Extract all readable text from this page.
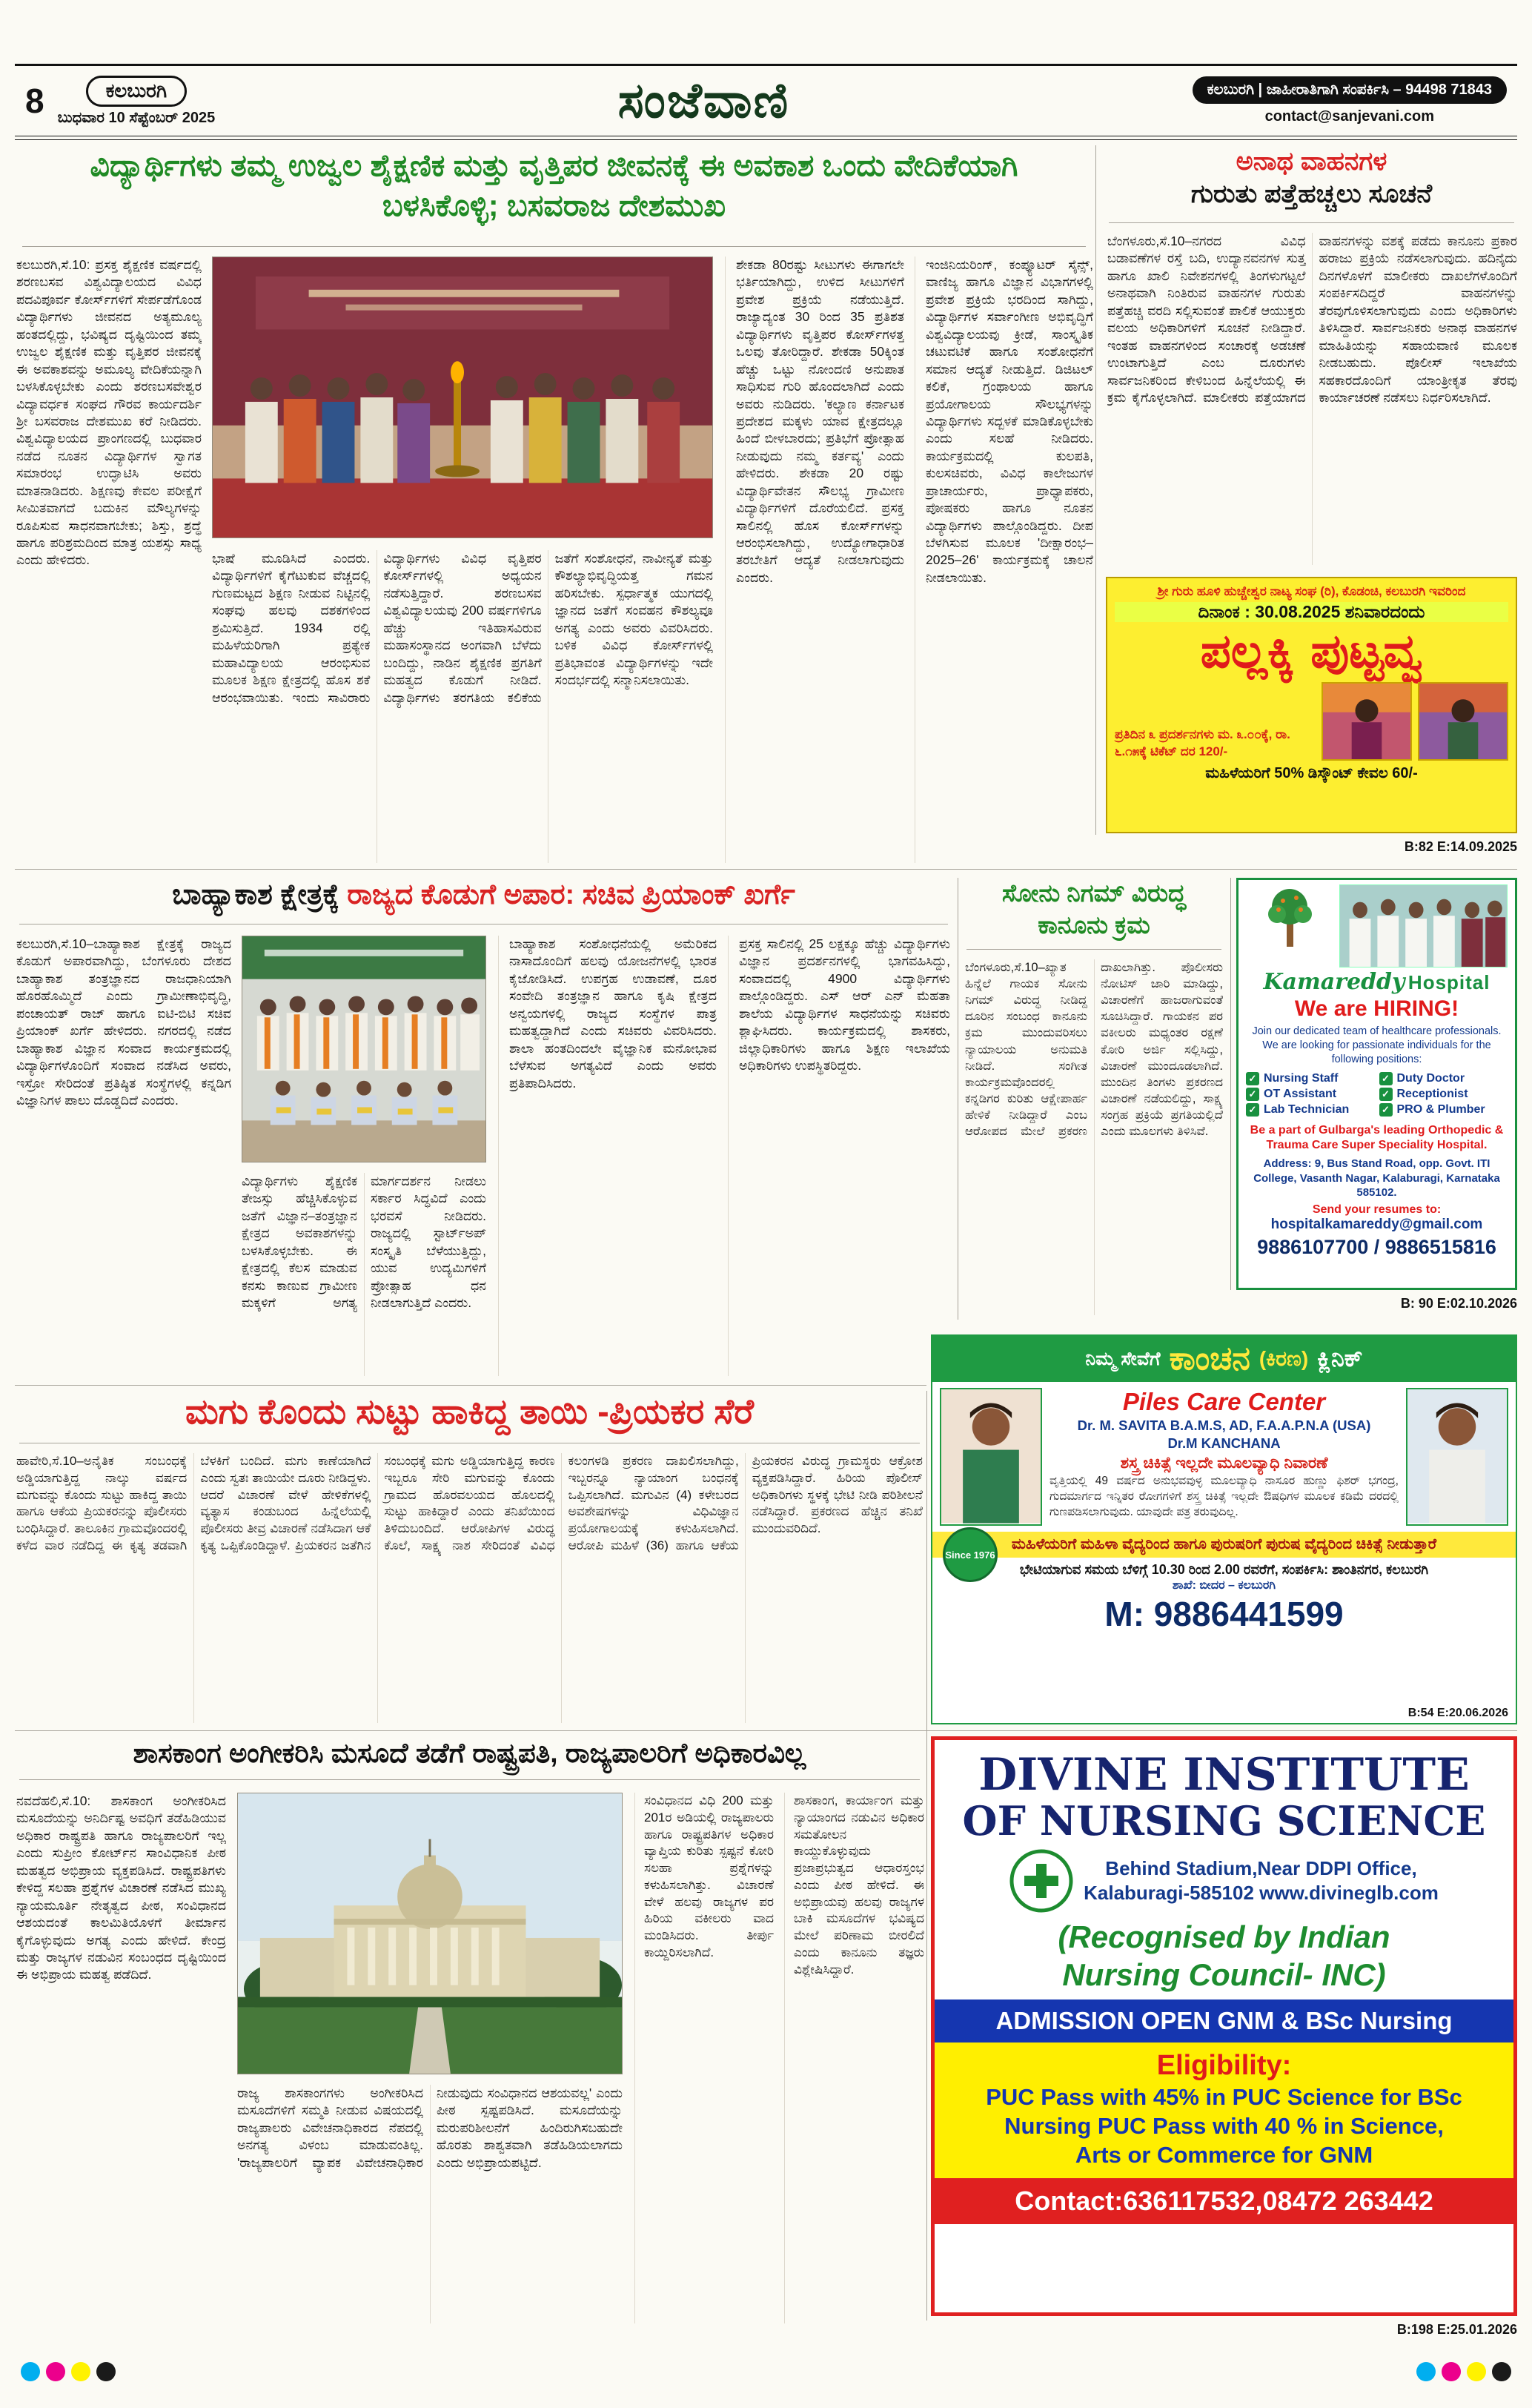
8	ಕಲಬುರಗಿ
ಬುಧವಾರ 10 ಸೆಪ್ಟೆಂಬರ್ 2025	ಸಂಜೆವಾಣಿ	ಕಲಬುರಗಿ | ಜಾಹೀರಾತಿಗಾಗಿ ಸಂಪರ್ಕಿಸಿ – 94498 71843
contact@sanjevani.com
ವಿದ್ಯಾರ್ಥಿಗಳು ತಮ್ಮ ಉಜ್ವಲ ಶೈಕ್ಷಣಿಕ ಮತ್ತು ವೃತ್ತಿಪರ ಜೀವನಕ್ಕೆ ಈ ಅವಕಾಶ ಒಂದು ವೇದಿಕೆಯಾಗಿ ಬಳಸಿಕೊಳ್ಳಿ; ಬಸವರಾಜ ದೇಶಮುಖ
ಕಲಬುರಗಿ,ಸೆ.10: ಪ್ರಸಕ್ತ ಶೈಕ್ಷಣಿಕ ವರ್ಷದಲ್ಲಿ ಶರಣಬಸವ ವಿಶ್ವವಿದ್ಯಾಲಯದ ವಿವಿಧ ಪದವಿಪೂರ್ವ ಕೋರ್ಸ್‌ಗಳಿಗೆ ಸೇರ್ಪಡೆಗೊಂಡ ವಿದ್ಯಾರ್ಥಿಗಳು ಜೀವನದ ಅತ್ಯಮೂಲ್ಯ ಹಂತದಲ್ಲಿದ್ದು, ಭವಿಷ್ಯದ ದೃಷ್ಟಿಯಿಂದ ತಮ್ಮ ಉಜ್ವಲ ಶೈಕ್ಷಣಿಕ ಮತ್ತು ವೃತ್ತಿಪರ ಜೀವನಕ್ಕೆ ಈ ಅವಕಾಶವನ್ನು ಅಮೂಲ್ಯ ವೇದಿಕೆಯನ್ನಾಗಿ ಬಳಸಿಕೊಳ್ಳಬೇಕು ಎಂದು ಶರಣಬಸವೇಶ್ವರ ವಿದ್ಯಾವರ್ಧಕ ಸಂಘದ ಗೌರವ ಕಾರ್ಯದರ್ಶಿ ಶ್ರೀ ಬಸವರಾಜ ದೇಶಮುಖ ಕರೆ ನೀಡಿದರು. ವಿಶ್ವವಿದ್ಯಾಲಯದ ಪ್ರಾಂಗಣದಲ್ಲಿ ಬುಧವಾರ ನಡೆದ ನೂತನ ವಿದ್ಯಾರ್ಥಿಗಳ ಸ್ವಾಗತ ಸಮಾರಂಭ ಉದ್ಘಾಟಿಸಿ ಅವರು ಮಾತನಾಡಿದರು. ಶಿಕ್ಷಣವು ಕೇವಲ ಪರೀಕ್ಷೆಗೆ ಸೀಮಿತವಾಗದೆ ಬದುಕಿನ ಮೌಲ್ಯಗಳನ್ನು ರೂಪಿಸುವ ಸಾಧನವಾಗಬೇಕು; ಶಿಸ್ತು, ಶ್ರದ್ಧೆ ಹಾಗೂ ಪರಿಶ್ರಮದಿಂದ ಮಾತ್ರ ಯಶಸ್ಸು ಸಾಧ್ಯ ಎಂದು ಹೇಳಿದರು.	ಭಾಷೆ ಮೂಡಿಸಿದೆ ಎಂದರು. ವಿದ್ಯಾರ್ಥಿಗಳಿಗೆ ಕೈಗೆಟುಕುವ ವೆಚ್ಚದಲ್ಲಿ ಗುಣಮಟ್ಟದ ಶಿಕ್ಷಣ ನೀಡುವ ನಿಟ್ಟಿನಲ್ಲಿ ಸಂಘವು ಹಲವು ದಶಕಗಳಿಂದ ಶ್ರಮಿಸುತ್ತಿದೆ. 1934 ರಲ್ಲಿ ಮಹಿಳೆಯರಿಗಾಗಿ ಪ್ರತ್ಯೇಕ ಮಹಾವಿದ್ಯಾಲಯ ಆರಂಭಿಸುವ ಮೂಲಕ ಶಿಕ್ಷಣ ಕ್ಷೇತ್ರದಲ್ಲಿ ಹೊಸ ಶಕೆ ಆರಂಭವಾಯಿತು. ಇಂದು ಸಾವಿರಾರು ವಿದ್ಯಾರ್ಥಿಗಳು ವಿವಿಧ ವೃತ್ತಿಪರ ಕೋರ್ಸ್‌ಗಳಲ್ಲಿ ಅಧ್ಯಯನ ನಡೆಸುತ್ತಿದ್ದಾರೆ. ಶರಣಬಸವ ವಿಶ್ವವಿದ್ಯಾಲಯವು 200 ವರ್ಷಗಳಿಗೂ ಹೆಚ್ಚು ಇತಿಹಾಸವಿರುವ ಮಹಾಸಂಸ್ಥಾನದ ಅಂಗವಾಗಿ ಬೆಳೆದು ಬಂದಿದ್ದು, ನಾಡಿನ ಶೈಕ್ಷಣಿಕ ಪ್ರಗತಿಗೆ ಮಹತ್ವದ ಕೊಡುಗೆ ನೀಡಿದೆ. ವಿದ್ಯಾರ್ಥಿಗಳು ತರಗತಿಯ ಕಲಿಕೆಯ ಜತೆಗೆ ಸಂಶೋಧನೆ, ನಾವೀನ್ಯತೆ ಮತ್ತು ಕೌಶಲ್ಯಾಭಿವೃದ್ಧಿಯತ್ತ ಗಮನ ಹರಿಸಬೇಕು. ಸ್ಪರ್ಧಾತ್ಮಕ ಯುಗದಲ್ಲಿ ಜ್ಞಾನದ ಜತೆಗೆ ಸಂವಹನ ಕೌಶಲ್ಯವೂ ಅಗತ್ಯ ಎಂದು ಅವರು ವಿವರಿಸಿದರು. ಬಳಿಕ ವಿವಿಧ ಕೋರ್ಸ್‌ಗಳಲ್ಲಿ ಪ್ರತಿಭಾವಂತ ವಿದ್ಯಾರ್ಥಿಗಳನ್ನು ಇದೇ ಸಂದರ್ಭದಲ್ಲಿ ಸನ್ಮಾನಿಸಲಾಯಿತು.
ಶೇಕಡಾ 80ರಷ್ಟು ಸೀಟುಗಳು ಈಗಾಗಲೇ ಭರ್ತಿಯಾಗಿದ್ದು, ಉಳಿದ ಸೀಟುಗಳಿಗೆ ಪ್ರವೇಶ ಪ್ರಕ್ರಿಯೆ ನಡೆಯುತ್ತಿದೆ. ರಾಜ್ಯಾದ್ಯಂತ 30 ರಿಂದ 35 ಪ್ರತಿಶತ ವಿದ್ಯಾರ್ಥಿಗಳು ವೃತ್ತಿಪರ ಕೋರ್ಸ್‌ಗಳತ್ತ ಒಲವು ತೋರಿದ್ದಾರೆ. ಶೇಕಡಾ 50ಕ್ಕಿಂತ ಹೆಚ್ಚು ಒಟ್ಟು ನೋಂದಣಿ ಅನುಪಾತ ಸಾಧಿಸುವ ಗುರಿ ಹೊಂದಲಾಗಿದೆ ಎಂದು ಅವರು ನುಡಿದರು. 'ಕಲ್ಯಾಣ ಕರ್ನಾಟಕ ಪ್ರದೇಶದ ಮಕ್ಕಳು ಯಾವ ಕ್ಷೇತ್ರದಲ್ಲೂ ಹಿಂದೆ ಬೀಳಬಾರದು; ಪ್ರತಿಭೆಗೆ ಪ್ರೋತ್ಸಾಹ ನೀಡುವುದು ನಮ್ಮ ಕರ್ತವ್ಯ' ಎಂದು ಹೇಳಿದರು. ಶೇಕಡಾ 20 ರಷ್ಟು ವಿದ್ಯಾರ್ಥಿವೇತನ ಸೌಲಭ್ಯ ಗ್ರಾಮೀಣ ವಿದ್ಯಾರ್ಥಿಗಳಿಗೆ ದೊರೆಯಲಿದೆ. ಪ್ರಸಕ್ತ ಸಾಲಿನಲ್ಲಿ ಹೊಸ ಕೋರ್ಸ್‌ಗಳನ್ನು ಆರಂಭಿಸಲಾಗಿದ್ದು, ಉದ್ಯೋಗಾಧಾರಿತ ತರಬೇತಿಗೆ ಆದ್ಯತೆ ನೀಡಲಾಗುವುದು ಎಂದರು.
ಇಂಜಿನಿಯರಿಂಗ್, ಕಂಪ್ಯೂಟರ್ ಸೈನ್ಸ್, ವಾಣಿಜ್ಯ ಹಾಗೂ ವಿಜ್ಞಾನ ವಿಭಾಗಗಳಲ್ಲಿ ಪ್ರವೇಶ ಪ್ರಕ್ರಿಯೆ ಭರದಿಂದ ಸಾಗಿದ್ದು, ವಿದ್ಯಾರ್ಥಿಗಳ ಸರ್ವಾಂಗೀಣ ಅಭಿವೃದ್ಧಿಗೆ ವಿಶ್ವವಿದ್ಯಾಲಯವು ಕ್ರೀಡೆ, ಸಾಂಸ್ಕೃತಿಕ ಚಟುವಟಿಕೆ ಹಾಗೂ ಸಂಶೋಧನೆಗೆ ಸಮಾನ ಆದ್ಯತೆ ನೀಡುತ್ತಿದೆ. ಡಿಜಿಟಲ್ ಕಲಿಕೆ, ಗ್ರಂಥಾಲಯ ಹಾಗೂ ಪ್ರಯೋಗಾಲಯ ಸೌಲಭ್ಯಗಳನ್ನು ವಿದ್ಯಾರ್ಥಿಗಳು ಸದ್ಬಳಕೆ ಮಾಡಿಕೊಳ್ಳಬೇಕು ಎಂದು ಸಲಹೆ ನೀಡಿದರು. ಕಾರ್ಯಕ್ರಮದಲ್ಲಿ ಕುಲಪತಿ, ಕುಲಸಚಿವರು, ವಿವಿಧ ಕಾಲೇಜುಗಳ ಪ್ರಾಚಾರ್ಯರು, ಪ್ರಾಧ್ಯಾಪಕರು, ಪೋಷಕರು ಹಾಗೂ ನೂತನ ವಿದ್ಯಾರ್ಥಿಗಳು ಪಾಲ್ಗೊಂಡಿದ್ದರು. ದೀಪ ಬೆಳಗಿಸುವ ಮೂಲಕ 'ದೀಕ್ಷಾರಂಭ–2025–26' ಕಾರ್ಯಕ್ರಮಕ್ಕೆ ಚಾಲನೆ ನೀಡಲಾಯಿತು.
ಅನಾಥ ವಾಹನಗಳ
ಗುರುತು ಪತ್ತೆಹಚ್ಚಲು ಸೂಚನೆ
ಬೆಂಗಳೂರು,ಸೆ.10–ನಗರದ ವಿವಿಧ ಬಡಾವಣೆಗಳ ರಸ್ತೆ ಬದಿ, ಉದ್ಯಾನವನಗಳ ಸುತ್ತ ಹಾಗೂ ಖಾಲಿ ನಿವೇಶನಗಳಲ್ಲಿ ತಿಂಗಳುಗಟ್ಟಲೆ ಅನಾಥವಾಗಿ ನಿಂತಿರುವ ವಾಹನಗಳ ಗುರುತು ಪತ್ತೆಹಚ್ಚಿ ವರದಿ ಸಲ್ಲಿಸುವಂತೆ ಪಾಲಿಕೆ ಆಯುಕ್ತರು ವಲಯ ಅಧಿಕಾರಿಗಳಿಗೆ ಸೂಚನೆ ನೀಡಿದ್ದಾರೆ. ಇಂತಹ ವಾಹನಗಳಿಂದ ಸಂಚಾರಕ್ಕೆ ಅಡಚಣೆ ಉಂಟಾಗುತ್ತಿದೆ ಎಂಬ ದೂರುಗಳು ಸಾರ್ವಜನಿಕರಿಂದ ಕೇಳಿಬಂದ ಹಿನ್ನೆಲೆಯಲ್ಲಿ ಈ ಕ್ರಮ ಕೈಗೊಳ್ಳಲಾಗಿದೆ. ಮಾಲೀಕರು ಪತ್ತೆಯಾಗದ ವಾಹನಗಳನ್ನು ವಶಕ್ಕೆ ಪಡೆದು ಕಾನೂನು ಪ್ರಕಾರ ಹರಾಜು ಪ್ರಕ್ರಿಯೆ ನಡೆಸಲಾಗುವುದು. ಹದಿನೈದು ದಿನಗಳೊಳಗೆ ಮಾಲೀಕರು ದಾಖಲೆಗಳೊಂದಿಗೆ ಸಂಪರ್ಕಿಸದಿದ್ದರೆ ವಾಹನಗಳನ್ನು ತೆರವುಗೊಳಿಸಲಾಗುವುದು ಎಂದು ಅಧಿಕಾರಿಗಳು ತಿಳಿಸಿದ್ದಾರೆ. ಸಾರ್ವಜನಿಕರು ಅನಾಥ ವಾಹನಗಳ ಮಾಹಿತಿಯನ್ನು ಸಹಾಯವಾಣಿ ಮೂಲಕ ನೀಡಬಹುದು. ಪೊಲೀಸ್ ಇಲಾಖೆಯ ಸಹಕಾರದೊಂದಿಗೆ ಯಾಂತ್ರೀಕೃತ ತೆರವು ಕಾರ್ಯಾಚರಣೆ ನಡೆಸಲು ನಿರ್ಧರಿಸಲಾಗಿದೆ.
ಶ್ರೀ ಗುರು ಹೂಳಿ ಹುಚ್ಚೇಶ್ವರ ನಾಟ್ಯ ಸಂಘ (ರಿ), ಕೊಡಂಚಿ, ಕಲಬುರಗಿ ಇವರಿಂದ
ದಿನಾಂಕ : 30.08.2025 ಶನಿವಾರದಂದು
ಪಲ್ಲಕ್ಕಿ ಪುಟ್ಟವ್ವ
ಪ್ರತಿದಿನ ೩ ಪ್ರದರ್ಶನಗಳು ಮ. ೩.೦೦ಕ್ಕೆ, ರಾ. ೬.೧೫ಕ್ಕೆ ಟಿಕೆಟ್ ದರ 120/-
ಮಹಿಳೆಯರಿಗೆ 50% ಡಿಸ್ಕೌಂಟ್ ಕೇವಲ 60/-
B:82 E:14.09.2025
ಬಾಹ್ಯಾಕಾಶ ಕ್ಷೇತ್ರಕ್ಕೆ ರಾಜ್ಯದ ಕೊಡುಗೆ ಅಪಾರ: ಸಚಿವ ಪ್ರಿಯಾಂಕ್ ಖರ್ಗೆ
ಕಲಬುರಗಿ,ಸೆ.10–ಬಾಹ್ಯಾಕಾಶ ಕ್ಷೇತ್ರಕ್ಕೆ ರಾಜ್ಯದ ಕೊಡುಗೆ ಅಪಾರವಾಗಿದ್ದು, ಬೆಂಗಳೂರು ದೇಶದ ಬಾಹ್ಯಾಕಾಶ ತಂತ್ರಜ್ಞಾನದ ರಾಜಧಾನಿಯಾಗಿ ಹೊರಹೊಮ್ಮಿದೆ ಎಂದು ಗ್ರಾಮೀಣಾಭಿವೃದ್ಧಿ, ಪಂಚಾಯತ್ ರಾಜ್ ಹಾಗೂ ಐಟಿ-ಬಿಟಿ ಸಚಿವ ಪ್ರಿಯಾಂಕ್ ಖರ್ಗೆ ಹೇಳಿದರು. ನಗರದಲ್ಲಿ ನಡೆದ ಬಾಹ್ಯಾಕಾಶ ವಿಜ್ಞಾನ ಸಂವಾದ ಕಾರ್ಯಕ್ರಮದಲ್ಲಿ ವಿದ್ಯಾರ್ಥಿಗಳೊಂದಿಗೆ ಸಂವಾದ ನಡೆಸಿದ ಅವರು, ಇಸ್ರೋ ಸೇರಿದಂತೆ ಪ್ರತಿಷ್ಠಿತ ಸಂಸ್ಥೆಗಳಲ್ಲಿ ಕನ್ನಡಿಗ ವಿಜ್ಞಾನಿಗಳ ಪಾಲು ದೊಡ್ಡದಿದೆ ಎಂದರು.
ವಿದ್ಯಾರ್ಥಿಗಳು ಶೈಕ್ಷಣಿಕ ತೇಜಸ್ಸು ಹೆಚ್ಚಿಸಿಕೊಳ್ಳುವ ಜತೆಗೆ ವಿಜ್ಞಾನ–ತಂತ್ರಜ್ಞಾನ ಕ್ಷೇತ್ರದ ಅವಕಾಶಗಳನ್ನು ಬಳಸಿಕೊಳ್ಳಬೇಕು. ಈ ಕ್ಷೇತ್ರದಲ್ಲಿ ಕೆಲಸ ಮಾಡುವ ಕನಸು ಕಾಣುವ ಗ್ರಾಮೀಣ ಮಕ್ಕಳಿಗೆ ಅಗತ್ಯ ಮಾರ್ಗದರ್ಶನ ನೀಡಲು ಸರ್ಕಾರ ಸಿದ್ಧವಿದೆ ಎಂದು ಭರವಸೆ ನೀಡಿದರು. ರಾಜ್ಯದಲ್ಲಿ ಸ್ಟಾರ್ಟ್‌ಅಪ್ ಸಂಸ್ಕೃತಿ ಬೆಳೆಯುತ್ತಿದ್ದು, ಯುವ ಉದ್ಯಮಿಗಳಿಗೆ ಪ್ರೋತ್ಸಾಹ ಧನ ನೀಡಲಾಗುತ್ತಿದೆ ಎಂದರು.
ಬಾಹ್ಯಾಕಾಶ ಸಂಶೋಧನೆಯಲ್ಲಿ ಅಮೆರಿಕದ ನಾಸಾದೊಂದಿಗೆ ಹಲವು ಯೋಜನೆಗಳಲ್ಲಿ ಭಾರತ ಕೈಜೋಡಿಸಿದೆ. ಉಪಗ್ರಹ ಉಡಾವಣೆ, ದೂರ ಸಂವೇದಿ ತಂತ್ರಜ್ಞಾನ ಹಾಗೂ ಕೃಷಿ ಕ್ಷೇತ್ರದ ಅನ್ವಯಗಳಲ್ಲಿ ರಾಜ್ಯದ ಸಂಸ್ಥೆಗಳ ಪಾತ್ರ ಮಹತ್ವದ್ದಾಗಿದೆ ಎಂದು ಸಚಿವರು ವಿವರಿಸಿದರು. ಶಾಲಾ ಹಂತದಿಂದಲೇ ವೈಜ್ಞಾನಿಕ ಮನೋಭಾವ ಬೆಳೆಸುವ ಅಗತ್ಯವಿದೆ ಎಂದು ಅವರು ಪ್ರತಿಪಾದಿಸಿದರು.
ಪ್ರಸಕ್ತ ಸಾಲಿನಲ್ಲಿ 25 ಲಕ್ಷಕ್ಕೂ ಹೆಚ್ಚು ವಿದ್ಯಾರ್ಥಿಗಳು ವಿಜ್ಞಾನ ಪ್ರದರ್ಶನಗಳಲ್ಲಿ ಭಾಗವಹಿಸಿದ್ದು, ಸಂವಾದದಲ್ಲಿ 4900 ವಿದ್ಯಾರ್ಥಿಗಳು ಪಾಲ್ಗೊಂಡಿದ್ದರು. ಎಸ್ ಆರ್ ಎನ್ ಮೆಹತಾ ಶಾಲೆಯ ವಿದ್ಯಾರ್ಥಿಗಳ ಸಾಧನೆಯನ್ನು ಸಚಿವರು ಶ್ಲಾಘಿಸಿದರು. ಕಾರ್ಯಕ್ರಮದಲ್ಲಿ ಶಾಸಕರು, ಜಿಲ್ಲಾಧಿಕಾರಿಗಳು ಹಾಗೂ ಶಿಕ್ಷಣ ಇಲಾಖೆಯ ಅಧಿಕಾರಿಗಳು ಉಪಸ್ಥಿತರಿದ್ದರು.
ಸೋನು ನಿಗಮ್ ವಿರುದ್ಧ
ಕಾನೂನು ಕ್ರಮ
ಬೆಂಗಳೂರು,ಸೆ.10–ಖ್ಯಾತ ಹಿನ್ನೆಲೆ ಗಾಯಕ ಸೋನು ನಿಗಮ್ ವಿರುದ್ಧ ನೀಡಿದ್ದ ದೂರಿನ ಸಂಬಂಧ ಕಾನೂನು ಕ್ರಮ ಮುಂದುವರಿಸಲು ನ್ಯಾಯಾಲಯ ಅನುಮತಿ ನೀಡಿದೆ. ಸಂಗೀತ ಕಾರ್ಯಕ್ರಮವೊಂದರಲ್ಲಿ ಕನ್ನಡಿಗರ ಕುರಿತು ಆಕ್ಷೇಪಾರ್ಹ ಹೇಳಿಕೆ ನೀಡಿದ್ದಾರೆ ಎಂಬ ಆರೋಪದ ಮೇಲೆ ಪ್ರಕರಣ ದಾಖಲಾಗಿತ್ತು. ಪೊಲೀಸರು ನೋಟಿಸ್ ಜಾರಿ ಮಾಡಿದ್ದು, ವಿಚಾರಣೆಗೆ ಹಾಜರಾಗುವಂತೆ ಸೂಚಿಸಿದ್ದಾರೆ. ಗಾಯಕನ ಪರ ವಕೀಲರು ಮಧ್ಯಂತರ ರಕ್ಷಣೆ ಕೋರಿ ಅರ್ಜಿ ಸಲ್ಲಿಸಿದ್ದು, ವಿಚಾರಣೆ ಮುಂದೂಡಲಾಗಿದೆ. ಮುಂದಿನ ತಿಂಗಳು ಪ್ರಕರಣದ ವಿಚಾರಣೆ ನಡೆಯಲಿದ್ದು, ಸಾಕ್ಷ್ಯ ಸಂಗ್ರಹ ಪ್ರಕ್ರಿಯೆ ಪ್ರಗತಿಯಲ್ಲಿದೆ ಎಂದು ಮೂಲಗಳು ತಿಳಿಸಿವೆ.
Kamareddy Hospital
We are HIRING!

Join our dedicated team of healthcare professionals. We are looking for passionate individuals for the following positions:

✓ Nursing Staff
✓ OT Assistant
✓ Lab Technician
✓ Duty Doctor
✓ Receptionist
✓ PRO & Plumber

Be a part of Gulbarga's leading Orthopedic & Trauma Care Super Speciality Hospital.

Address: 9, Bus Stand Road, opp. Govt. ITI College, Vasanth Nagar, Kalaburagi, Karnataka 585102.

Send your resumes to:

hospitalkamareddy@gmail.com

9886107700 / 9886515816

B: 90 E:02.10.2026
ಮಗು ಕೊಂದು ಸುಟ್ಟು ಹಾಕಿದ್ದ ತಾಯಿ -ಪ್ರಿಯಕರ ಸೆರೆ
ಹಾವೇರಿ,ಸೆ.10–ಅನೈತಿಕ ಸಂಬಂಧಕ್ಕೆ ಅಡ್ಡಿಯಾಗುತ್ತಿದ್ದ ನಾಲ್ಕು ವರ್ಷದ ಮಗುವನ್ನು ಕೊಂದು ಸುಟ್ಟು ಹಾಕಿದ್ದ ತಾಯಿ ಹಾಗೂ ಆಕೆಯ ಪ್ರಿಯಕರನನ್ನು ಪೊಲೀಸರು ಬಂಧಿಸಿದ್ದಾರೆ. ತಾಲೂಕಿನ ಗ್ರಾಮವೊಂದರಲ್ಲಿ ಕಳೆದ ವಾರ ನಡೆದಿದ್ದ ಈ ಕೃತ್ಯ ತಡವಾಗಿ ಬೆಳಕಿಗೆ ಬಂದಿದೆ. ಮಗು ಕಾಣೆಯಾಗಿದೆ ಎಂದು ಸ್ವತಃ ತಾಯಿಯೇ ದೂರು ನೀಡಿದ್ದಳು. ಆದರೆ ವಿಚಾರಣೆ ವೇಳೆ ಹೇಳಿಕೆಗಳಲ್ಲಿ ವ್ಯತ್ಯಾಸ ಕಂಡುಬಂದ ಹಿನ್ನೆಲೆಯಲ್ಲಿ ಪೊಲೀಸರು ತೀವ್ರ ವಿಚಾರಣೆ ನಡೆಸಿದಾಗ ಆಕೆ ಕೃತ್ಯ ಒಪ್ಪಿಕೊಂಡಿದ್ದಾಳೆ. ಪ್ರಿಯಕರನ ಜತೆಗಿನ ಸಂಬಂಧಕ್ಕೆ ಮಗು ಅಡ್ಡಿಯಾಗುತ್ತಿದ್ದ ಕಾರಣ ಇಬ್ಬರೂ ಸೇರಿ ಮಗುವನ್ನು ಕೊಂದು ಗ್ರಾಮದ ಹೊರವಲಯದ ಹೊಲದಲ್ಲಿ ಸುಟ್ಟು ಹಾಕಿದ್ದಾರೆ ಎಂದು ತನಿಖೆಯಿಂದ ತಿಳಿದುಬಂದಿದೆ. ಆರೋಪಿಗಳ ವಿರುದ್ಧ ಕೊಲೆ, ಸಾಕ್ಷ್ಯ ನಾಶ ಸೇರಿದಂತೆ ವಿವಿಧ ಕಲಂಗಳಡಿ ಪ್ರಕರಣ ದಾಖಲಿಸಲಾಗಿದ್ದು, ಇಬ್ಬರನ್ನೂ ನ್ಯಾಯಾಂಗ ಬಂಧನಕ್ಕೆ ಒಪ್ಪಿಸಲಾಗಿದೆ. ಮಗುವಿನ (4) ಕಳೇಬರದ ಅವಶೇಷಗಳನ್ನು ವಿಧಿವಿಜ್ಞಾನ ಪ್ರಯೋಗಾಲಯಕ್ಕೆ ಕಳುಹಿಸಲಾಗಿದೆ. ಆರೋಪಿ ಮಹಿಳೆ (36) ಹಾಗೂ ಆಕೆಯ ಪ್ರಿಯಕರನ ವಿರುದ್ಧ ಗ್ರಾಮಸ್ಥರು ಆಕ್ರೋಶ ವ್ಯಕ್ತಪಡಿಸಿದ್ದಾರೆ. ಹಿರಿಯ ಪೊಲೀಸ್ ಅಧಿಕಾರಿಗಳು ಸ್ಥಳಕ್ಕೆ ಭೇಟಿ ನೀಡಿ ಪರಿಶೀಲನೆ ನಡೆಸಿದ್ದಾರೆ. ಪ್ರಕರಣದ ಹೆಚ್ಚಿನ ತನಿಖೆ ಮುಂದುವರಿದಿದೆ.
ನಿಮ್ಮ ಸೇವೆಗೆ ಕಾಂಚನ (ಕಿರಣ) ಕ್ಲಿನಿಕ್

Piles Care Center

Dr. M. SAVITA B.A.M.S, AD, F.A.A.P.N.A (USA)

Dr.M KANCHANA

ಶಸ್ತ್ರ ಚಿಕಿತ್ಸೆ ಇಲ್ಲದೇ ಮೂಲವ್ಯಾಧಿ ನಿವಾರಣೆ

ವೃತ್ತಿಯಲ್ಲಿ 49 ವರ್ಷದ ಅನುಭವವುಳ್ಳ ಮೂಲವ್ಯಾಧಿ ನಾಸೂರ ಹುಣ್ಣು ಫಿಶರ್ ಭಗಂದ್ರ, ಗುದಮಾರ್ಗದ ಇನ್ನಿತರ ರೋಗಗಳಿಗೆ ಶಸ್ತ್ರ ಚಿಕಿತ್ಸೆ ಇಲ್ಲದೇ ಔಷಧಿಗಳ ಮೂಲಕ ಕಡಿಮೆ ದರದಲ್ಲಿ ಗುಣಪಡಿಸಲಾಗುವುದು. ಯಾವುದೇ ಪತ್ರ ತರುವುದಿಲ್ಲ.

Since 1976
ಮಹಿಳೆಯರಿಗೆ ಮಹಿಳಾ ವೈದ್ಯರಿಂದ ಹಾಗೂ ಪುರುಷರಿಗೆ ಪುರುಷ ವೈದ್ಯರಿಂದ ಚಿಕಿತ್ಸೆ ನೀಡುತ್ತಾರೆ
ಭೇಟಿಯಾಗುವ ಸಮಯ ಬೆಳಿಗ್ಗೆ 10.30 ರಿಂದ 2.00 ರವರೆಗೆ, ಸಂಪರ್ಕಿಸಿ: ಶಾಂತಿನಗರ, ಕಲಬುರಗಿ
ಶಾಖೆ: ಬೀದರ – ಕಲಬುರಗಿ
M: 9886441599
B:54 E:20.06.2026
ಶಾಸಕಾಂಗ ಅಂಗೀಕರಿಸಿ ಮಸೂದೆ ತಡೆಗೆ ರಾಷ್ಟ್ರಪತಿ, ರಾಜ್ಯಪಾಲರಿಗೆ ಅಧಿಕಾರವಿಲ್ಲ
ನವದೆಹಲಿ,ಸೆ.10: ಶಾಸಕಾಂಗ ಅಂಗೀಕರಿಸಿದ ಮಸೂದೆಯನ್ನು ಅನಿರ್ದಿಷ್ಟ ಅವಧಿಗೆ ತಡೆಹಿಡಿಯುವ ಅಧಿಕಾರ ರಾಷ್ಟ್ರಪತಿ ಹಾಗೂ ರಾಜ್ಯಪಾಲರಿಗೆ ಇಲ್ಲ ಎಂದು ಸುಪ್ರೀಂ ಕೋರ್ಟ್‌ನ ಸಾಂವಿಧಾನಿಕ ಪೀಠ ಮಹತ್ವದ ಅಭಿಪ್ರಾಯ ವ್ಯಕ್ತಪಡಿಸಿದೆ. ರಾಷ್ಟ್ರಪತಿಗಳು ಕೇಳಿದ್ದ ಸಲಹಾ ಪ್ರಶ್ನೆಗಳ ವಿಚಾರಣೆ ನಡೆಸಿದ ಮುಖ್ಯ ನ್ಯಾಯಮೂರ್ತಿ ನೇತೃತ್ವದ ಪೀಠ, ಸಂವಿಧಾನದ ಆಶಯದಂತೆ ಕಾಲಮಿತಿಯೊಳಗೆ ತೀರ್ಮಾನ ಕೈಗೊಳ್ಳುವುದು ಅಗತ್ಯ ಎಂದು ಹೇಳಿದೆ. ಕೇಂದ್ರ ಮತ್ತು ರಾಜ್ಯಗಳ ನಡುವಿನ ಸಂಬಂಧದ ದೃಷ್ಟಿಯಿಂದ ಈ ಅಭಿಪ್ರಾಯ ಮಹತ್ವ ಪಡೆದಿದೆ.
ರಾಜ್ಯ ಶಾಸಕಾಂಗಗಳು ಅಂಗೀಕರಿಸಿದ ಮಸೂದೆಗಳಿಗೆ ಸಮ್ಮತಿ ನೀಡುವ ವಿಷಯದಲ್ಲಿ ರಾಜ್ಯಪಾಲರು ವಿವೇಚನಾಧಿಕಾರದ ನೆಪದಲ್ಲಿ ಅನಗತ್ಯ ವಿಳಂಬ ಮಾಡುವಂತಿಲ್ಲ. 'ರಾಜ್ಯಪಾಲರಿಗೆ ವ್ಯಾಪಕ ವಿವೇಚನಾಧಿಕಾರ ನೀಡುವುದು ಸಂವಿಧಾನದ ಆಶಯವಲ್ಲ' ಎಂದು ಪೀಠ ಸ್ಪಷ್ಟಪಡಿಸಿದೆ. ಮಸೂದೆಯನ್ನು ಮರುಪರಿಶೀಲನೆಗೆ ಹಿಂದಿರುಗಿಸಬಹುದೇ ಹೊರತು ಶಾಶ್ವತವಾಗಿ ತಡೆಹಿಡಿಯಲಾಗದು ಎಂದು ಅಭಿಪ್ರಾಯಪಟ್ಟಿದೆ.
ಸಂವಿಧಾನದ ವಿಧಿ 200 ಮತ್ತು 201ರ ಅಡಿಯಲ್ಲಿ ರಾಜ್ಯಪಾಲರು ಹಾಗೂ ರಾಷ್ಟ್ರಪತಿಗಳ ಅಧಿಕಾರ ವ್ಯಾಪ್ತಿಯ ಕುರಿತು ಸ್ಪಷ್ಟನೆ ಕೋರಿ ಸಲಹಾ ಪ್ರಶ್ನೆಗಳನ್ನು ಕಳುಹಿಸಲಾಗಿತ್ತು. ವಿಚಾರಣೆ ವೇಳೆ ಹಲವು ರಾಜ್ಯಗಳ ಪರ ಹಿರಿಯ ವಕೀಲರು ವಾದ ಮಂಡಿಸಿದರು. ತೀರ್ಪು ಕಾಯ್ದಿರಿಸಲಾಗಿದೆ.
ಶಾಸಕಾಂಗ, ಕಾರ್ಯಾಂಗ ಮತ್ತು ನ್ಯಾಯಾಂಗದ ನಡುವಿನ ಅಧಿಕಾರ ಸಮತೋಲನ ಕಾಯ್ದುಕೊಳ್ಳುವುದು ಪ್ರಜಾಪ್ರಭುತ್ವದ ಆಧಾರಸ್ತಂಭ ಎಂದು ಪೀಠ ಹೇಳಿದೆ. ಈ ಅಭಿಪ್ರಾಯವು ಹಲವು ರಾಜ್ಯಗಳ ಬಾಕಿ ಮಸೂದೆಗಳ ಭವಿಷ್ಯದ ಮೇಲೆ ಪರಿಣಾಮ ಬೀರಲಿದೆ ಎಂದು ಕಾನೂನು ತಜ್ಞರು ವಿಶ್ಲೇಷಿಸಿದ್ದಾರೆ.
DIVINE INSTITUTE
OF NURSING SCIENCE
Behind Stadium,Near DDPI Office,
Kalaburagi-585102 www.divineglb.com
(Recognised by Indian
Nursing Council- INC)
ADMISSION OPEN GNM & BSc Nursing
Eligibility:

PUC Pass with 45% in PUC Science for BSc

Nursing PUC Pass with 40 % in Science,

Arts or Commerce for GNM

Contact:636117532,08472 263442
B:198 E:25.01.2026
